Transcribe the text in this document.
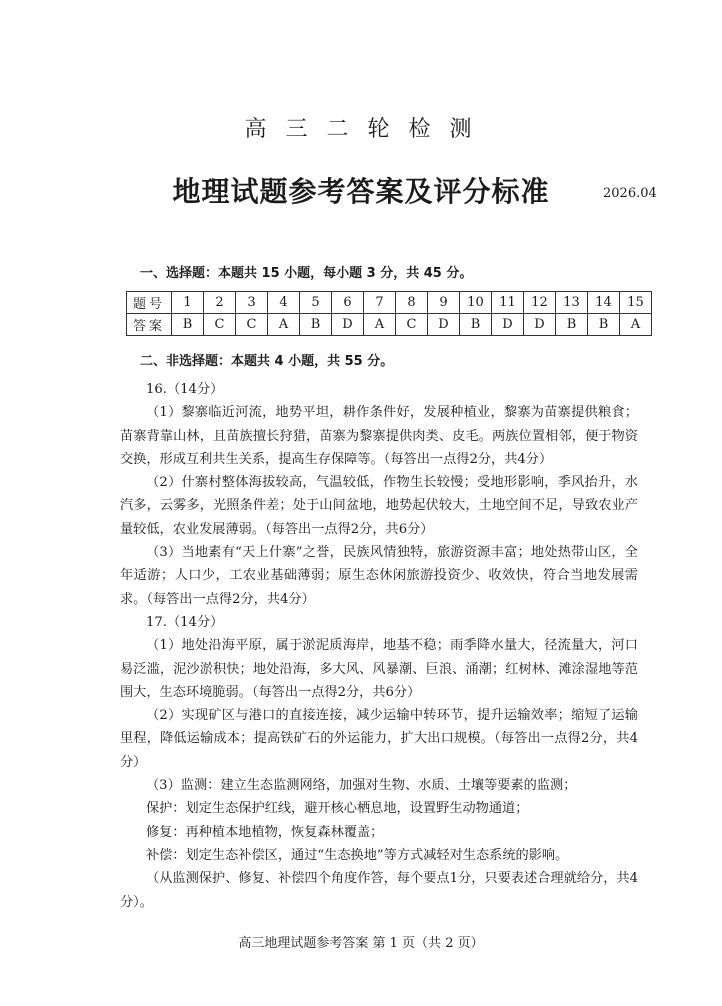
高 三 二 轮 检 测
地理试题参考答案及评分标准	2026.04
一、选择题：本题共 15 小题，每小题 3 分，共 45 分。
题号	1	2	3	4	5	6	7	8	9	10	11	12	13	14	15
答案	B	C	C	A	B	D	A	C	D	B	D	D	B	B	A
二、非选择题：本题共 4 小题，共 55 分。

16.（14分）

（1）黎寨临近河流，地势平坦，耕作条件好，发展种植业，黎寨为苗寨提供粮食；苗寨背靠山林，且苗族擅长狩猎，苗寨为黎寨提供肉类、皮毛。两族位置相邻，便于物资交换，形成互利共生关系，提高生存保障等。（每答出一点得2分，共4分）

（2）什寨村整体海拔较高，气温较低，作物生长较慢；受地形影响，季风抬升，水汽多，云雾多，光照条件差；处于山间盆地，地势起伏较大，土地空间不足，导致农业产量较低，农业发展薄弱。（每答出一点得2分，共6分）

（3）当地素有“天上什寨”之誉，民族风情独特，旅游资源丰富；地处热带山区，全年适游；人口少，工农业基础薄弱；原生态休闲旅游投资少、收效快，符合当地发展需求。（每答出一点得2分，共4分）

17.（14分）

（1）地处沿海平原，属于淤泥质海岸，地基不稳；雨季降水量大，径流量大，河口易泛滥，泥沙淤积快；地处沿海，多大风、风暴潮、巨浪、涌潮；红树林、滩涂湿地等范围大，生态环境脆弱。（每答出一点得2分，共6分）

（2）实现矿区与港口的直接连接，减少运输中转环节，提升运输效率；缩短了运输里程，降低运输成本；提高铁矿石的外运能力，扩大出口规模。（每答出一点得2分，共4分）

（3）监测：建立生态监测网络，加强对生物、水质、土壤等要素的监测；

保护：划定生态保护红线，避开核心栖息地，设置野生动物通道；

修复：再种植本地植物，恢复森林覆盖；

补偿：划定生态补偿区，通过“生态换地”等方式减轻对生态系统的影响。

（从监测保护、修复、补偿四个角度作答，每个要点1分，只要表述合理就给分，共4分）。

高三地理试题参考答案 第 1 页（共 2 页）
